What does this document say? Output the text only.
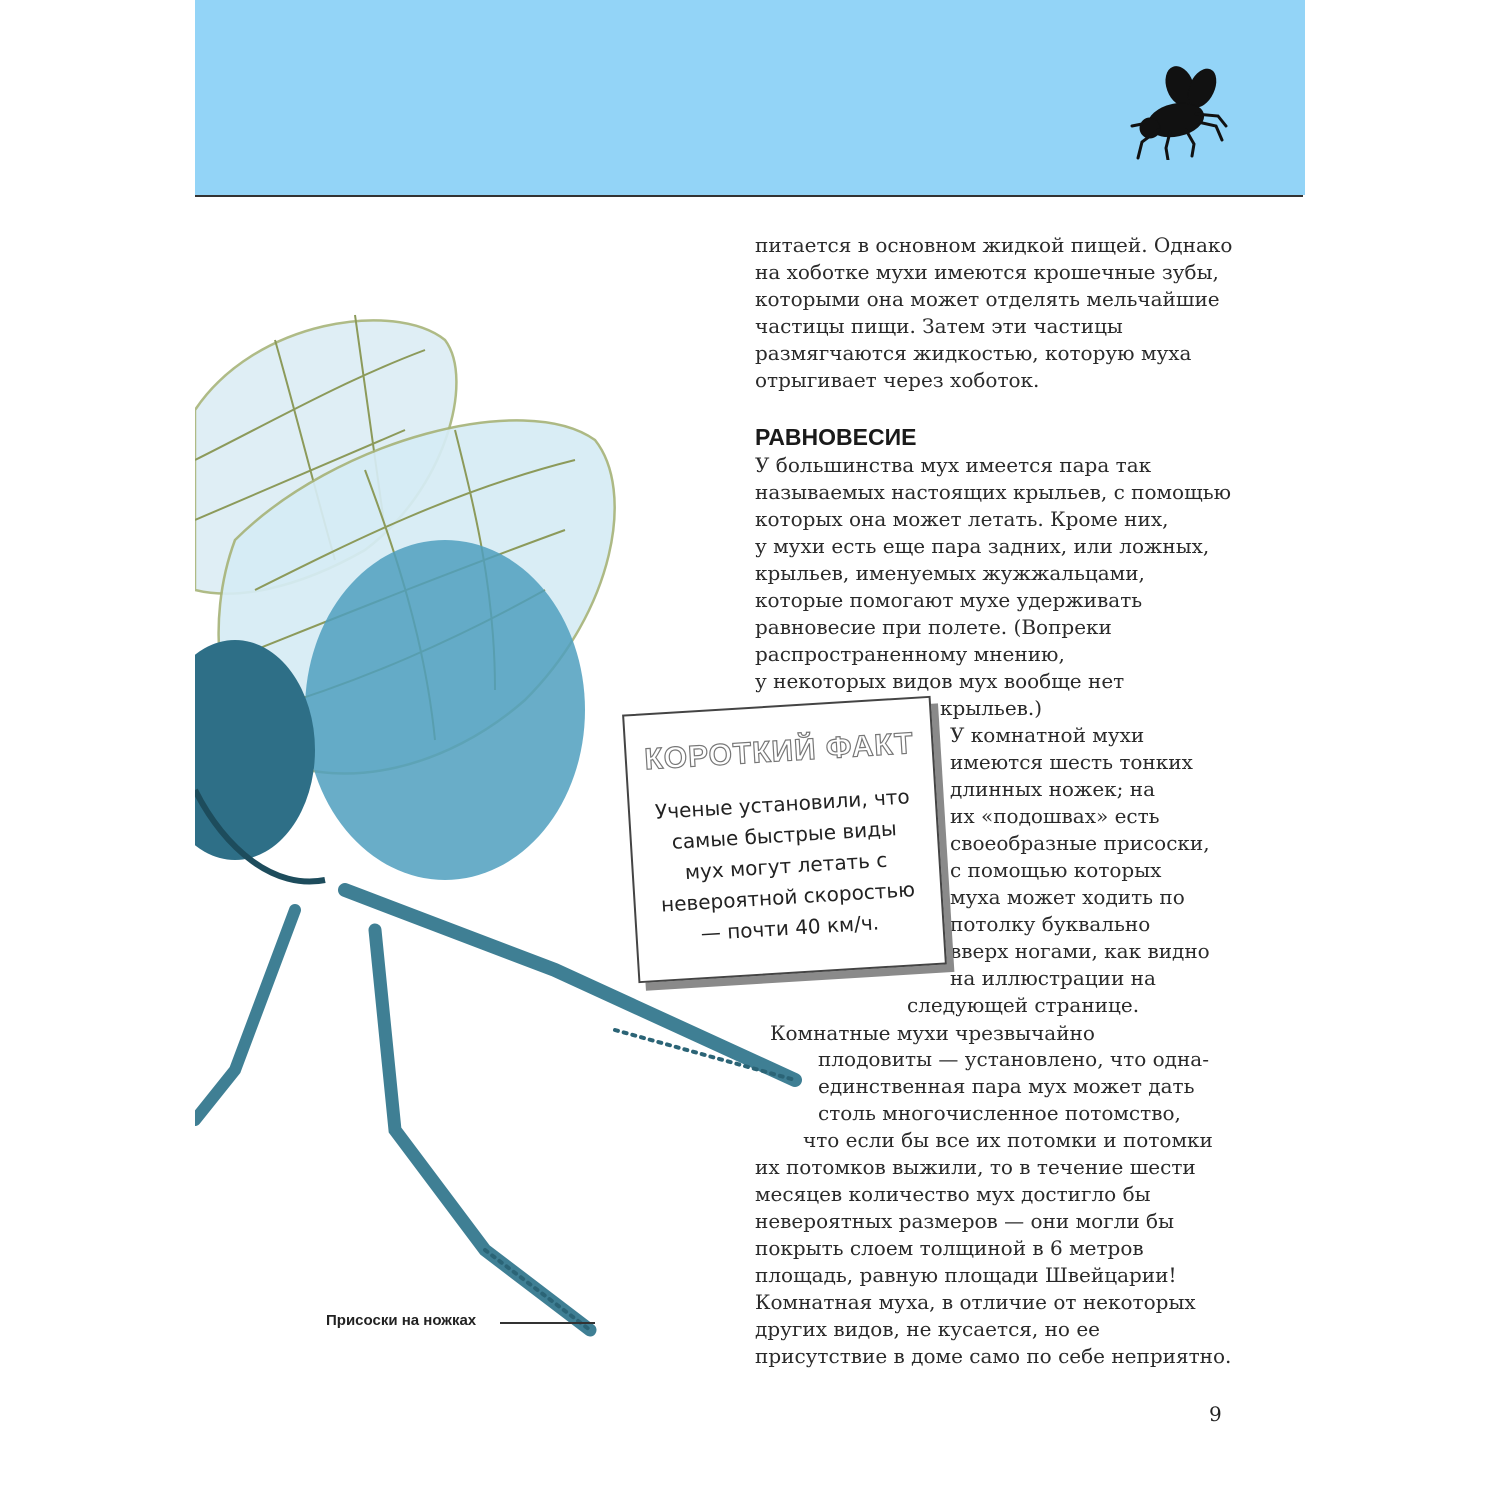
питается в основном жидкой пищей. Однако
на хоботке мухи имеются крошечные зубы,
которыми она может отделять мельчайшие
частицы пищи. Затем эти частицы
размягчаются жидкостью, которую муха
отрыгивает через хоботок.
РАВНОВЕСИЕ
У большинства мух имеется пара так
называемых настоящих крыльев, с помощью
которых она может летать. Кроме них,
у мухи есть еще пара задних, или ложных,
крыльев, именуемых жужжальцами,
которые помогают мухе удерживать
равновесие при полете. (Вопреки
распространенному мнению,
у некоторых видов мух вообще нет
крыльев.)
У комнатной мухи
имеются шесть тонких
длинных ножек; на
их «подошвах» есть
своеобразные присоски,
с помощью которых
муха может ходить по
потолку буквально
вверх ногами, как видно
на иллюстрации на
следующей странице.
Комнатные мухи чрезвычайно
плодовиты — установлено, что одна-
единственная пара мух может дать
столь многочисленное потомство,
что если бы все их потомки и потомки
их потомков выжили, то в течение шести
месяцев количество мух достигло бы
невероятных размеров — они могли бы
покрыть слоем толщиной в 6 метров
площадь, равную площади Швейцарии!
Комнатная муха, в отличие от некоторых
других видов, не кусается, но ее
присутствие в доме само по себе неприятно.
КОРОТКИЙ ФАКТ
Ученые установили, что самые быстрые виды мух могут летать с невероятной скоростью — почти 40 км/ч.
Присоски на ножках
9
